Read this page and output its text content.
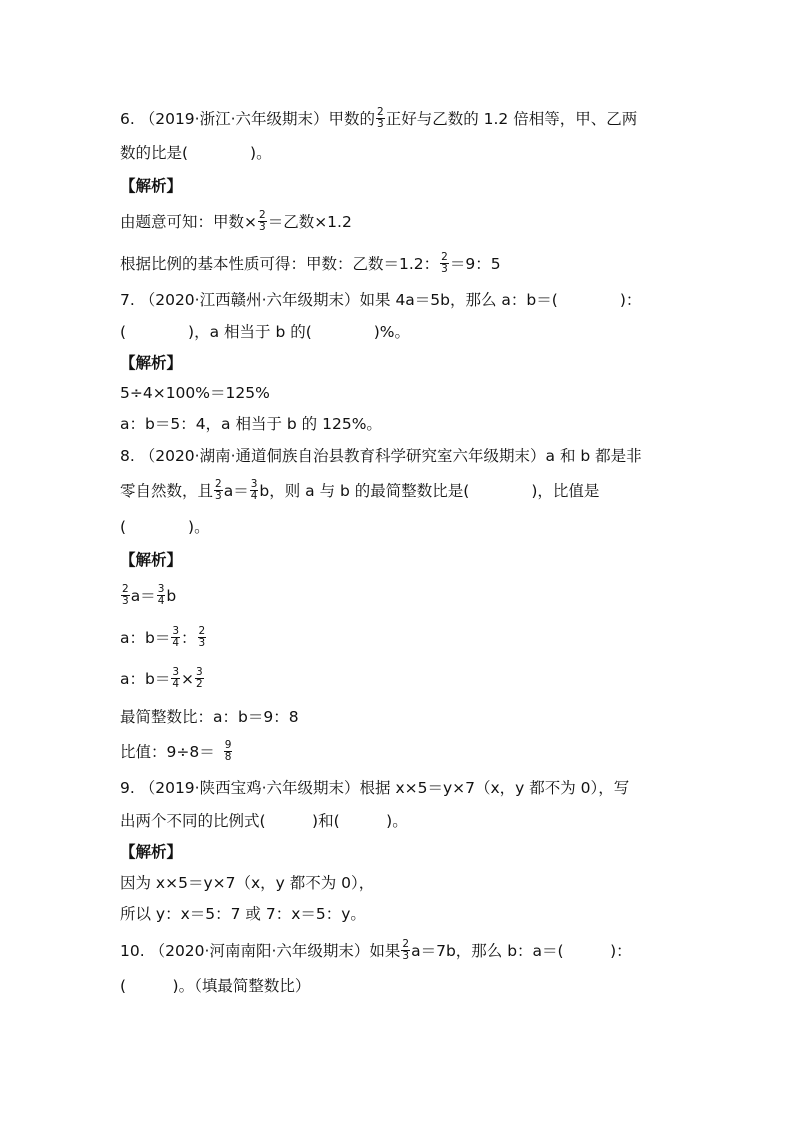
6. （2019·浙江·六年级期末）甲数的 $\frac{2}{3}$ 正好与乙数的 1.2 倍相等，甲、乙两
数的比是(　　　　)。
【解析】
由题意可知：甲数× $\frac{2}{3}$ ＝乙数×1.2
根据比例的基本性质可得：甲数：乙数＝1.2： $\frac{2}{3} =9$：5
7. （2020·江西赣州·六年级期末）如果 4a＝5b，那么 a：b＝(　　　　)：
(　　　　)，a 相当于 b 的(　　　　)%。
【解析】
5÷4×100%＝125%
a：b＝5：4，a 相当于 b 的 125%。
8. （2020·湖南·通道侗族自治县教育科学研究室六年级期末）a 和 b 都是非
零自然数，且 $\frac{2}{3} a= \frac{3}{4}$ b，则 a 与 b 的最简整数比是(　　　　)，比值是
(　　　　)。
【解析】
$\frac{2}{3} a= \frac{3}{4}$ b
a：$b= \frac{3}{4}$ ： $\frac{2}{3}$
a：$b= \frac{3}{4} \times \frac{3}{2}$
最简整数比：a：b＝9：8
比值：$9\div 8= \frac{9}{8}$
9. （2019·陕西宝鸡·六年级期末）根据 x×5＝y×7（x，y 都不为 0），写
出两个不同的比例式(　　　)和(　　　)。
【解析】
因为 x×5＝y×7（x，y 都不为 0），
所以 y：x＝5：7 或 7：x＝5：y。
10. （2020·河南南阳·六年级期末）如果 $\frac{2}{3} a=7b$，那么 b：a＝(　　　)：
(　　　)。（填最简整数比）
